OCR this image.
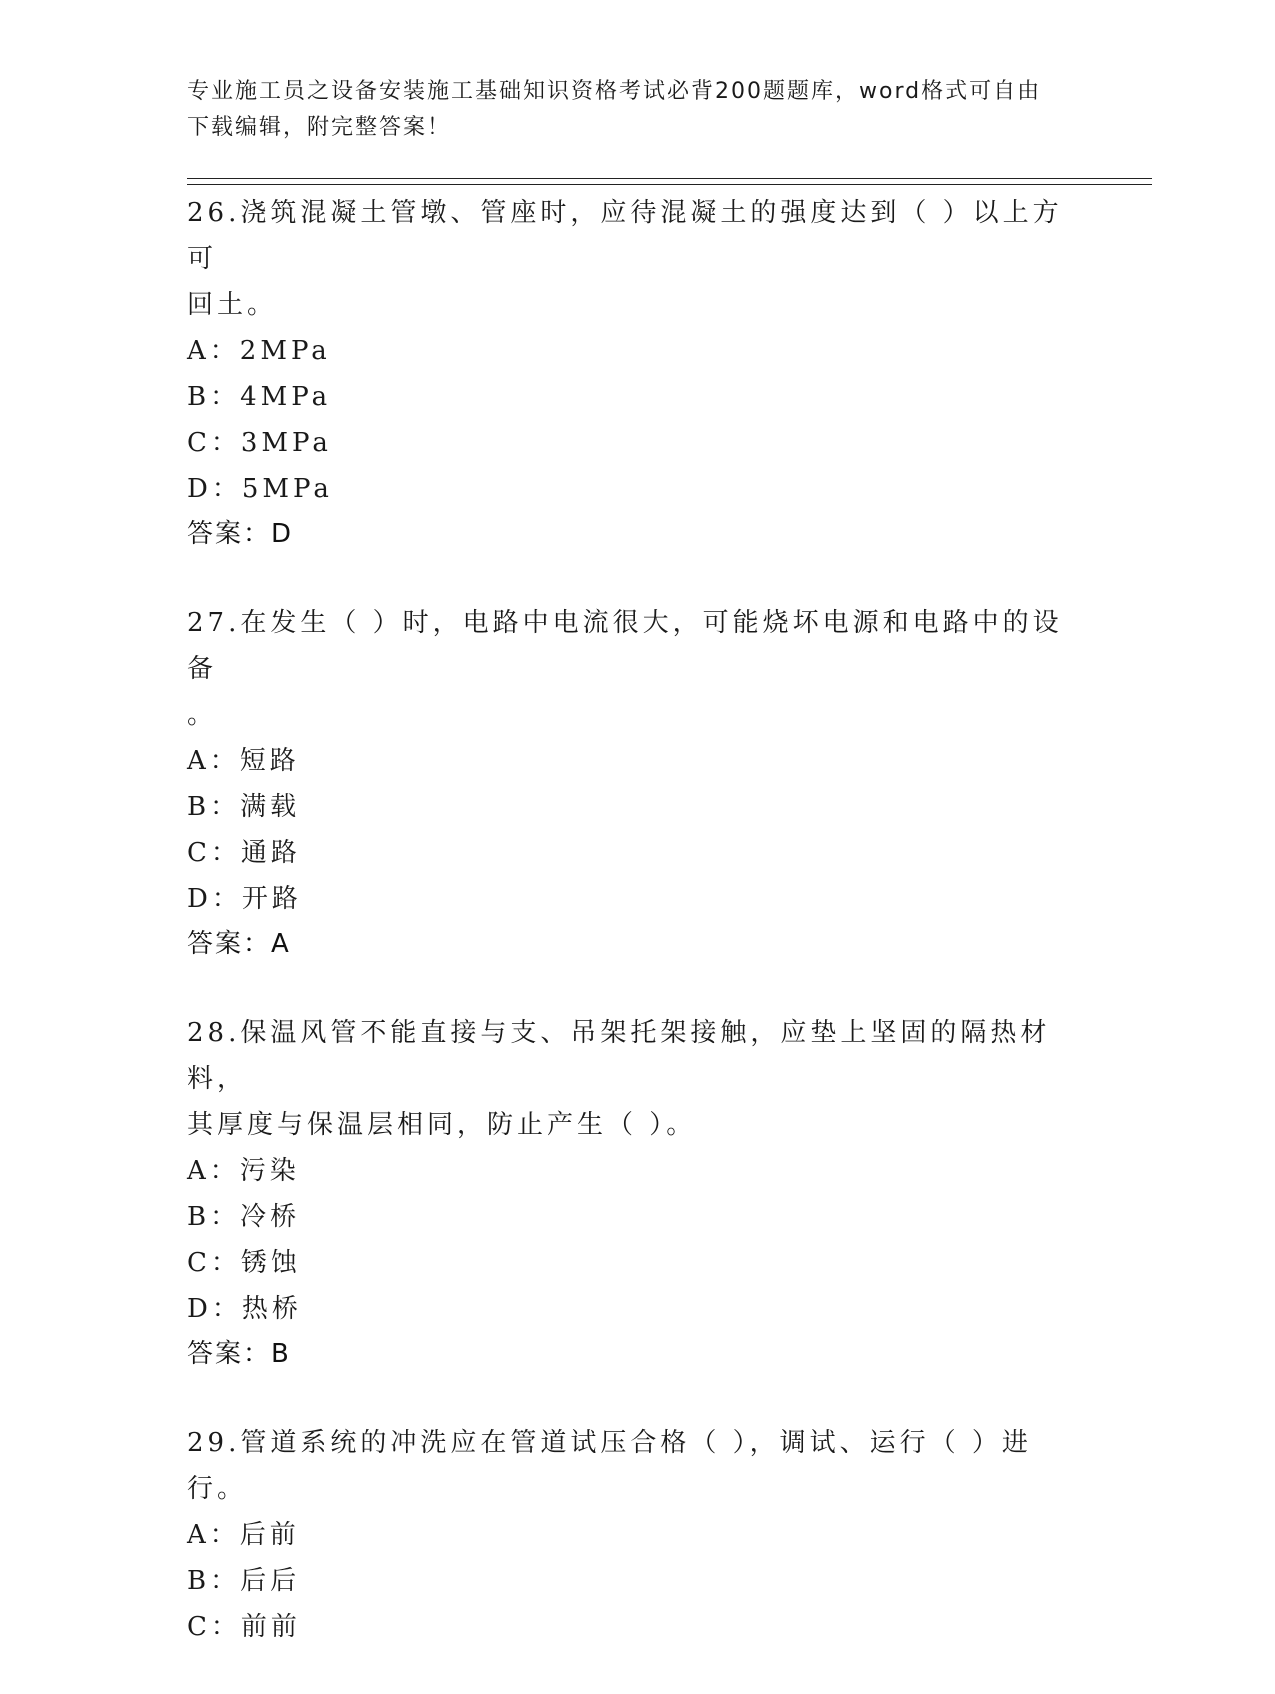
专业施工员之设备安装施工基础知识资格考试必背200题题库，word格式可自由
下载编辑，附完整答案！

26.浇筑混凝土管墩、管座时，应待混凝土的强度达到（ ）以上方可

回土。

A：2MPa

B：4MPa

C：3MPa

D：5MPa

答案：D

27.在发生（ ）时，电路中电流很大，可能烧坏电源和电路中的设备

。

A：短路

B：满载

C：通路

D：开路

答案：A

28.保温风管不能直接与支、吊架托架接触，应垫上坚固的隔热材料，

其厚度与保温层相同，防止产生（ ）。

A：污染

B：冷桥

C：锈蚀

D：热桥

答案：B

29.管道系统的冲洗应在管道试压合格（ ），调试、运行（ ）进行。

A：后前

B：后后

C：前前
